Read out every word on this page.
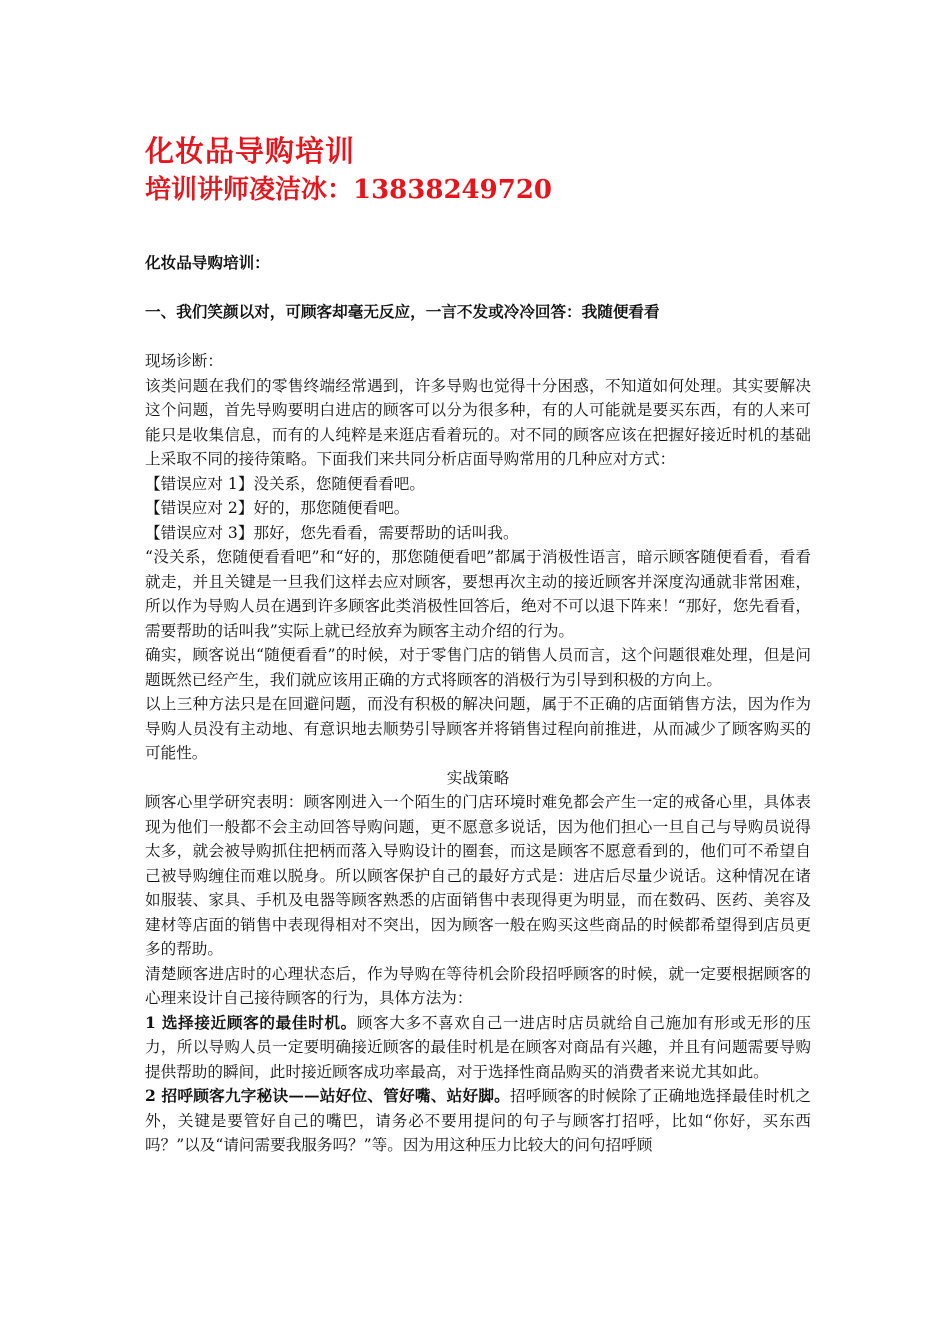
化妆品导购培训
培训讲师凌洁冰：13838249720
化妆品导购培训：
一、我们笑颜以对，可顾客却毫无反应，一言不发或冷冷回答：我随便看看

现场诊断：

该类问题在我们的零售终端经常遇到，许多导购也觉得十分困惑，不知道如何处理。其实要解决这个问题，首先导购要明白进店的顾客可以分为很多种，有的人可能就是要买东西，有的人来可能只是收集信息，而有的人纯粹是来逛店看着玩的。对不同的顾客应该在把握好接近时机的基础上采取不同的接待策略。下面我们来共同分析店面导购常用的几种应对方式：

【错误应对 1】没关系，您随便看看吧。

【错误应对 2】好的，那您随便看吧。

【错误应对 3】那好，您先看看，需要帮助的话叫我。

“没关系，您随便看看吧”和“好的，那您随便看吧”都属于消极性语言，暗示顾客随便看看，看看就走，并且关键是一旦我们这样去应对顾客，要想再次主动的接近顾客并深度沟通就非常困难，所以作为导购人员在遇到许多顾客此类消极性回答后，绝对不可以退下阵来！“那好，您先看看，需要帮助的话叫我”实际上就已经放弃为顾客主动介绍的行为。

确实，顾客说出“随便看看”的时候，对于零售门店的销售人员而言，这个问题很难处理，但是问题既然已经产生，我们就应该用正确的方式将顾客的消极行为引导到积极的方向上。

以上三种方法只是在回避问题，而没有积极的解决问题，属于不正确的店面销售方法，因为作为导购人员没有主动地、有意识地去顺势引导顾客并将销售过程向前推进，从而减少了顾客购买的可能性。

实战策略

顾客心里学研究表明：顾客刚进入一个陌生的门店环境时难免都会产生一定的戒备心里，具体表现为他们一般都不会主动回答导购问题，更不愿意多说话，因为他们担心一旦自己与导购员说得太多，就会被导购抓住把柄而落入导购设计的圈套，而这是顾客不愿意看到的，他们可不希望自己被导购缠住而难以脱身。所以顾客保护自己的最好方式是：进店后尽量少说话。这种情况在诸如服装、家具、手机及电器等顾客熟悉的店面销售中表现得更为明显，而在数码、医药、美容及建材等店面的销售中表现得相对不突出，因为顾客一般在购买这些商品的时候都希望得到店员更多的帮助。

清楚顾客进店时的心理状态后，作为导购在等待机会阶段招呼顾客的时候，就一定要根据顾客的心理来设计自己接待顾客的行为，具体方法为：

1 选择接近顾客的最佳时机。顾客大多不喜欢自己一进店时店员就给自己施加有形或无形的压力，所以导购人员一定要明确接近顾客的最佳时机是在顾客对商品有兴趣，并且有问题需要导购提供帮助的瞬间，此时接近顾客成功率最高，对于选择性商品购买的消费者来说尤其如此。

2 招呼顾客九字秘诀——站好位、管好嘴、站好脚。招呼顾客的时候除了正确地选择最佳时机之外，关键是要管好自己的嘴巴，请务必不要用提问的句子与顾客打招呼，比如“你好，买东西吗？”以及“请问需要我服务吗？”等。因为用这种压力比较大的问句招呼顾
